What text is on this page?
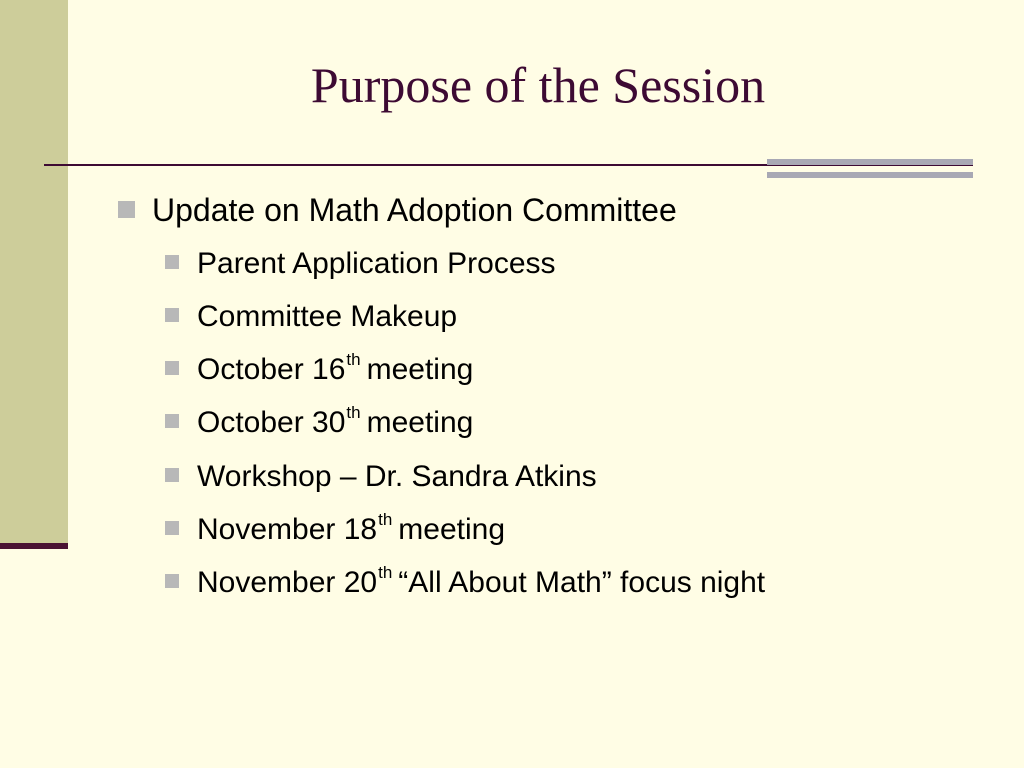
Purpose of the Session
Update on Math Adoption Committee
Parent Application Process
Committee Makeup
October 16th meeting
October 30th meeting
Workshop – Dr. Sandra Atkins
November 18th meeting
November 20th “All About Math” focus night
